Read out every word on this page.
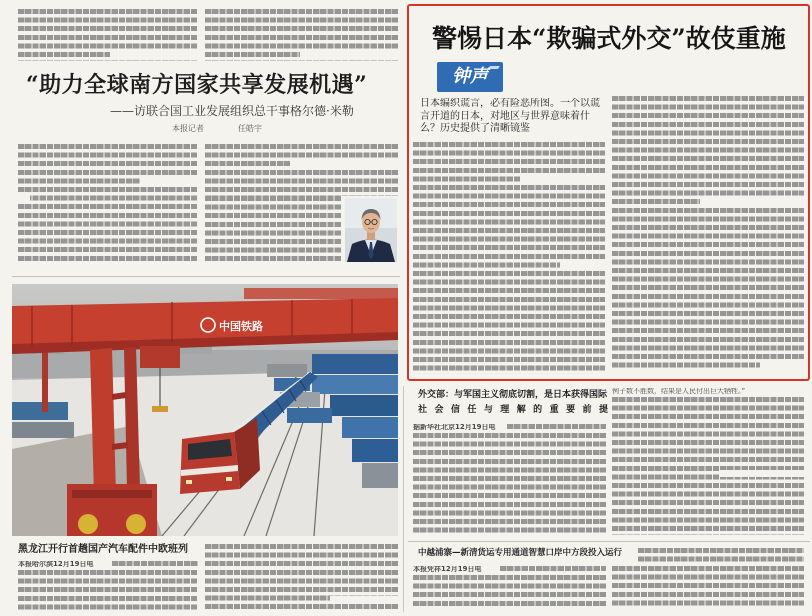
“助力全球南方国家共享发展机遇”
——访联合国工业发展组织总干事格尔德·米勒
本报记者	任皓宇
中国铁路
黑龙江开行首趟国产汽车配件中欧班列
本报哈尔滨12月19日电
警惕日本“欺骗式外交”故伎重施
钟声
日本编织谎言，必有险恶所图。一个以谎言开道的日本，对地区与世界意味着什么？历史提供了清晰镜鉴
外交部：与军国主义彻底切割，是日本获得国际
社会信任与理解的重要前提
据新华社北京12月19日电
例子数不胜数，结果是人民付出巨大牺牲。”
中越浦寨—新清货运专用通道智慧口岸中方段投入运行
本报凭祥12月19日电
